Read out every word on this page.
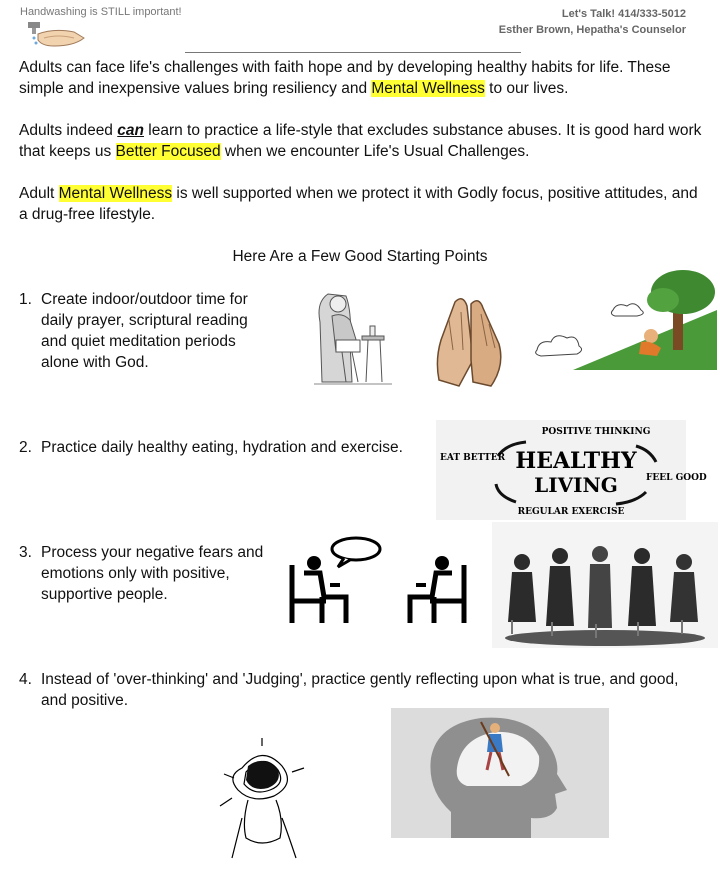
Handwashing is STILL important!	Let's Talk! 414/333-5012
Esther Brown, Hepatha's Counselor

Adults can face life's challenges with faith hope and by developing healthy habits for life. These simple and inexpensive values bring resiliency and Mental Wellness to our lives.

Adults indeed can learn to practice a life-style that excludes substance abuses. It is good hard work that keeps us Better Focused when we encounter Life's Usual Challenges.

Adult Mental Wellness is well supported when we protect it with Godly focus, positive attitudes, and a drug-free lifestyle.

Here Are a Few Good Starting Points
1. Create indoor/outdoor time for daily prayer, scriptural reading and quiet meditation periods alone with God.
2. Practice daily healthy eating, hydration and exercise.
POSITIVE THINKING
EAT BETTER
FEEL GOOD
REGULAR EXERCISE
HEALTHY
LIVING
3. Process your negative fears and emotions only with positive, supportive people.
4. Instead of 'over-thinking' and 'Judging', practice gently reflecting upon what is true, and good, and positive.
